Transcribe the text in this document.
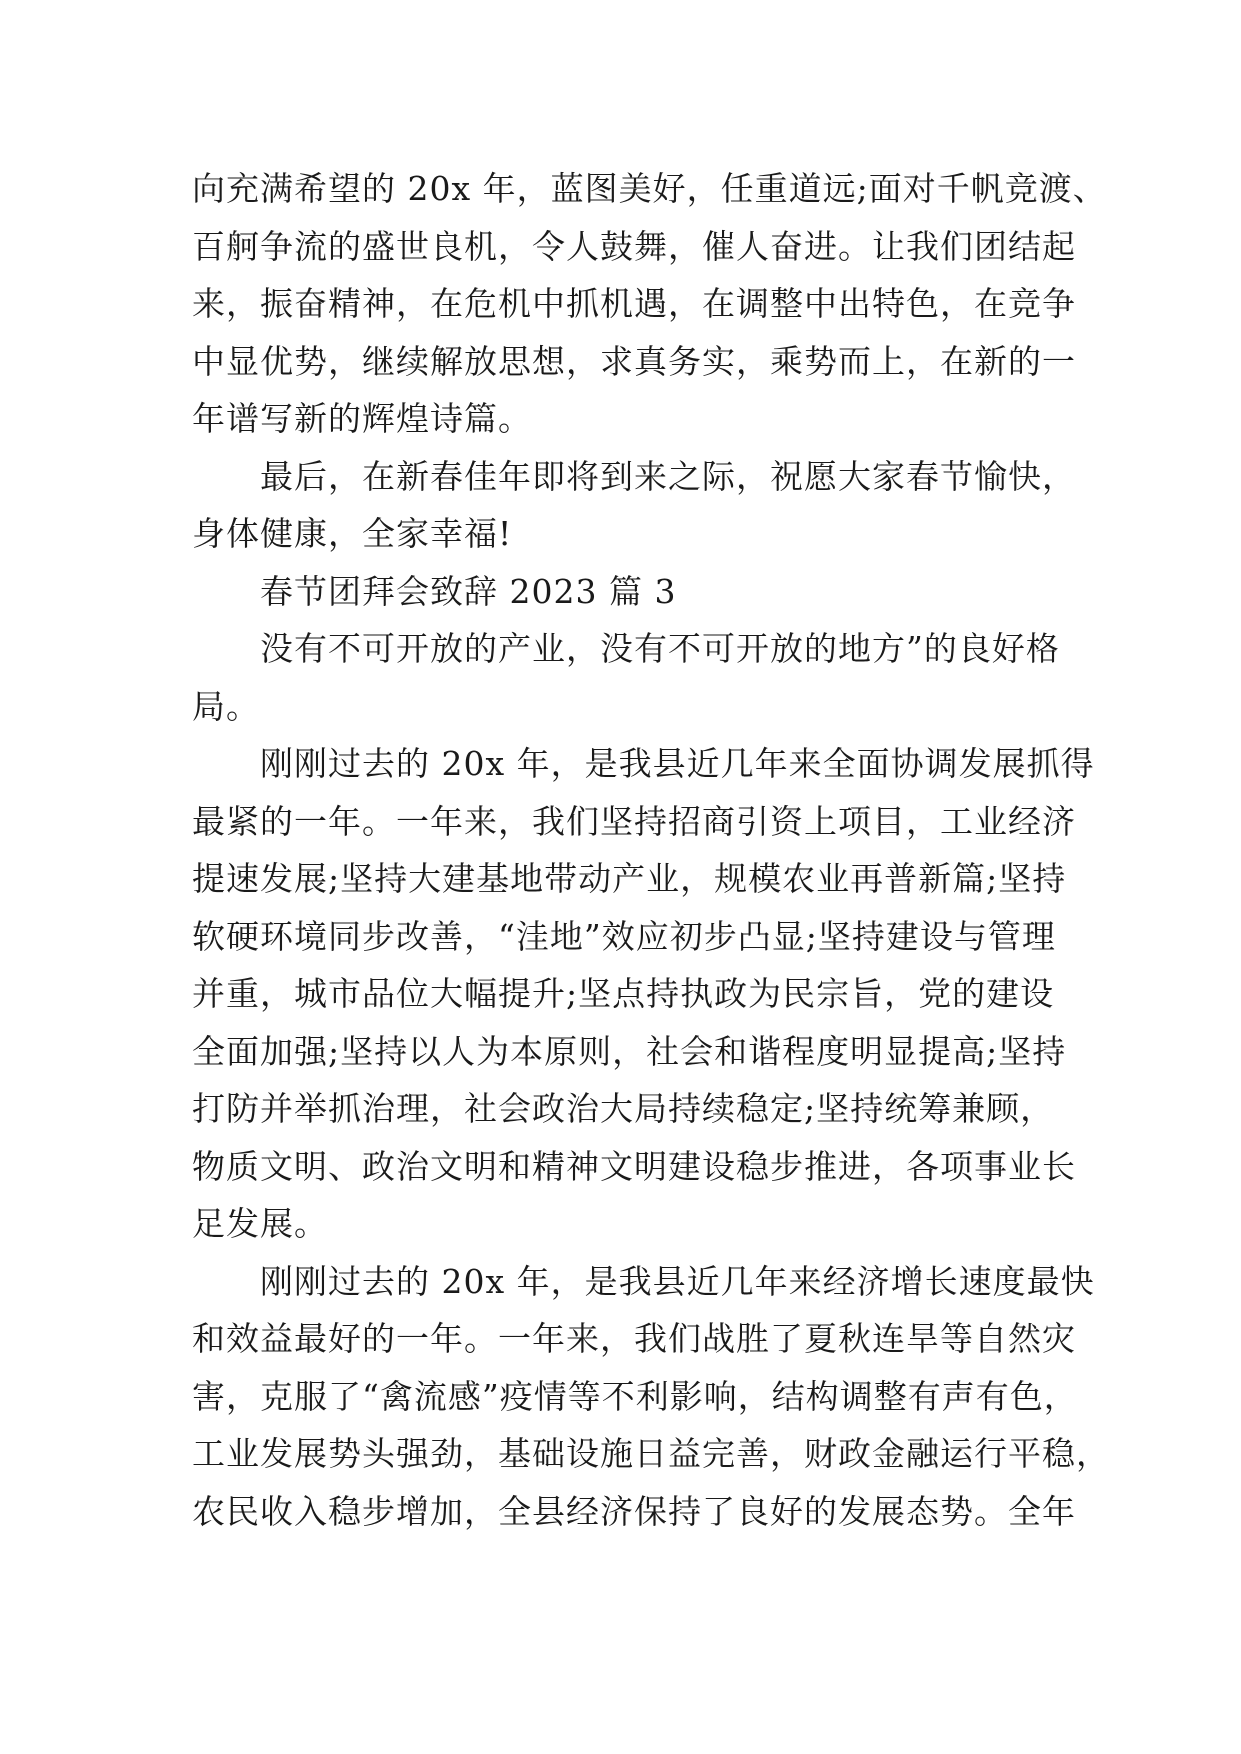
向充满希望的 20x 年，蓝图美好，任重道远;面对千帆竞渡、
百舸争流的盛世良机，令人鼓舞，催人奋进。让我们团结起
来，振奋精神，在危机中抓机遇，在调整中出特色，在竞争
中显优势，继续解放思想，求真务实，乘势而上，在新的一
年谱写新的辉煌诗篇。
最后，在新春佳年即将到来之际，祝愿大家春节愉快，
身体健康，全家幸福!
春节团拜会致辞 2023 篇 3
没有不可开放的产业，没有不可开放的地方”的良好格
局。
刚刚过去的 20x 年，是我县近几年来全面协调发展抓得
最紧的一年。一年来，我们坚持招商引资上项目，工业经济
提速发展;坚持大建基地带动产业，规模农业再普新篇;坚持
软硬环境同步改善，“洼地”效应初步凸显;坚持建设与管理
并重，城市品位大幅提升;坚点持执政为民宗旨，党的建设
全面加强;坚持以人为本原则，社会和谐程度明显提高;坚持
打防并举抓治理，社会政治大局持续稳定;坚持统筹兼顾，
物质文明、政治文明和精神文明建设稳步推进，各项事业长
足发展。
刚刚过去的 20x 年，是我县近几年来经济增长速度最快
和效益最好的一年。一年来，我们战胜了夏秋连旱等自然灾
害，克服了“禽流感”疫情等不利影响，结构调整有声有色，
工业发展势头强劲，基础设施日益完善，财政金融运行平稳，
农民收入稳步增加，全县经济保持了良好的发展态势。全年
